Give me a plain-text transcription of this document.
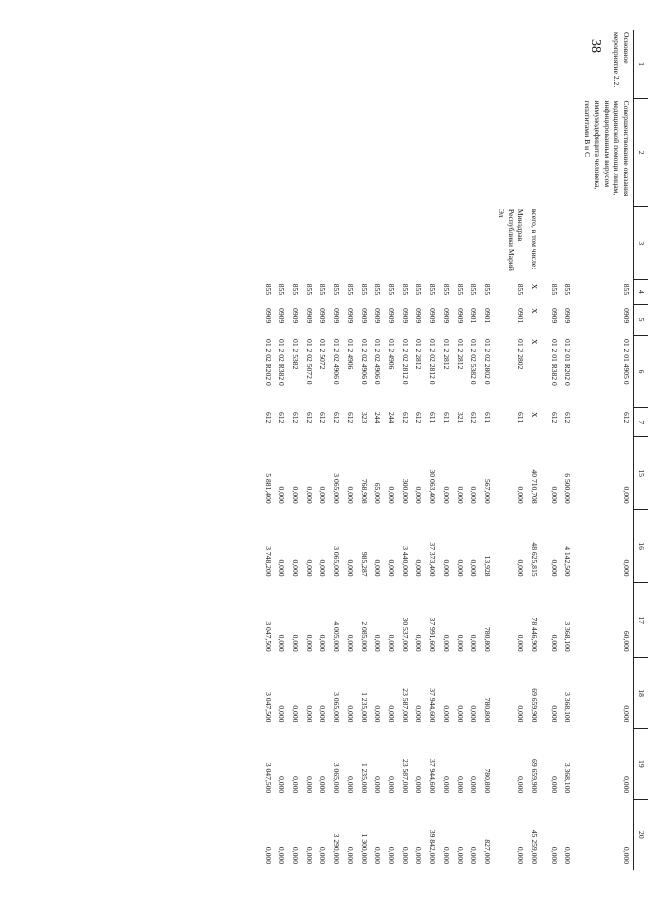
38
1	2	3	4	5	6	7	15	16	17	18	19	20
Основное мероприятие 2.2.	Совершенствование оказания медицинской помощи лицам, инфицированным вирусом иммунодефицита человека, гепатитами B и C		855	0909	01 2 01 4905 0	612	0,000	0,000	60,000	0,000	0,000	0,000
			855	0909	01 2 01 R202 0	612	6 500,000	4 142,500	3 368,100	3 368,100	3 368,100	0,000
			855	0909	01 2 01 R382 0	612	0,000	0,000	0,000	0,000	0,000	0,000
		всего, в том числе:	X	X	X	X	40 710,708	48 625,815	78 446,900	69 659,900	69 659,900	45 259,000
		Минздрав Республики Марий Эл	855	0901	01 2 2802	611	0,000	0,000	0,000	0,000	0,000	0,000
			855	0901	01 2 02 2802 0	611	567,000	13,928	780,800	780,800	780,800	827,000
			855	0901	01 2 02 5382 0	612	0,000	0,000	0,000	0,000	0,000	0,000
			855	0909	01 2 2812	321	0,000	0,000	0,000	0,000	0,000	0,000
			855	0909	01 2 2812	611	0,000	0,000	0,000	0,000	0,000	0,000
			855	0909	01 2 02 2812 0	611	30 063,400	37 373,400	37 991,600	37 944,600	37 944,600	39 842,000
			855	0909	01 2 2812	612	0,000	0,000	0,000	0,000	0,000	0,000
			855	0909	01 2 02 2812 0	612	300,000	3 440,000	30 537,000	23 587,000	23 587,000	0,000
			855	0909	01 2 4906	244	0,000	0,000	0,000	0,000	0,000	0,000
			855	0909	01 2 02 4906 0	244	65,000	0,000	0,000	0,000	0,000	0,000
			855	0909	01 2 02 4906 0	323	768,908	985,287	2 085,000	1 235,000	1 235,000	1 300,000
			855	0909	01 2 4906	612	0,000	0,000	0,000	0,000	0,000	0,000
			855	0909	01 2 02 4906 0	612	3 065,000	3 065,000	4 005,000	3 065,000	3 065,000	3 290,000
			855	0909	01 2 5072	612	0,000	0,000	0,000	0,000	0,000	0,000
			855	0909	01 2 02 5072 0	612	0,000	0,000	0,000	0,000	0,000	0,000
			855	0909	01 2 5382	612	0,000	0,000	0,000	0,000	0,000	0,000
			855	0909	01 2 02 R382 0	612	0,000	0,000	0,000	0,000	0,000	0,000
			855	0909	01 2 02 R202 0	612	5 881,400	3 748,200	3 047,500	3 047,500	3 047,500	0,000
